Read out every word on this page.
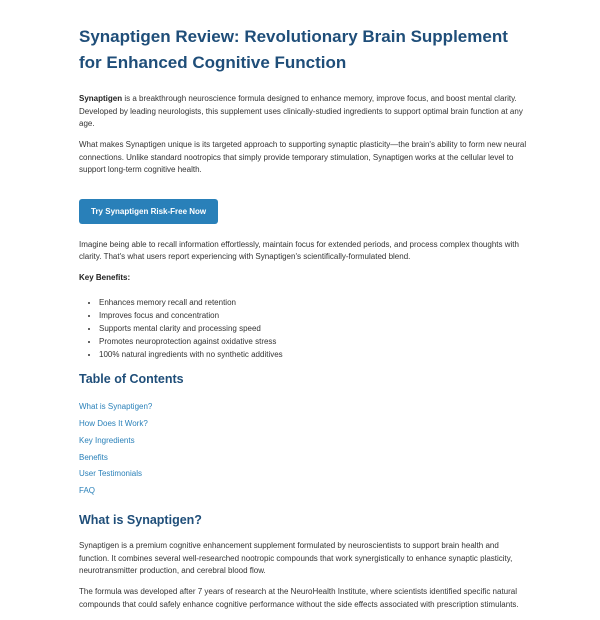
Synaptigen Review: Revolutionary Brain Supplement for Enhanced Cognitive Function

Synaptigen is a breakthrough neuroscience formula designed to enhance memory, improve focus, and boost mental clarity. Developed by leading neurologists, this supplement uses clinically-studied ingredients to support optimal brain function at any age.

What makes Synaptigen unique is its targeted approach to supporting synaptic plasticity—the brain's ability to form new neural connections. Unlike standard nootropics that simply provide temporary stimulation, Synaptigen works at the cellular level to support long-term cognitive health.

Try Synaptigen Risk-Free Now

Imagine being able to recall information effortlessly, maintain focus for extended periods, and process complex thoughts with clarity. That's what users report experiencing with Synaptigen's scientifically-formulated blend.

Key Benefits:
• Enhances memory recall and retention
• Improves focus and concentration
• Supports mental clarity and processing speed
• Promotes neuroprotection against oxidative stress
• 100% natural ingredients with no synthetic additives
Table of Contents
What is Synaptigen?
How Does It Work?
Key Ingredients
Benefits
User Testimonials
FAQ
What is Synaptigen?

Synaptigen is a premium cognitive enhancement supplement formulated by neuroscientists to support brain health and function. It combines several well-researched nootropic compounds that work synergistically to enhance synaptic plasticity, neurotransmitter production, and cerebral blood flow.

The formula was developed after 7 years of research at the NeuroHealth Institute, where scientists identified specific natural compounds that could safely enhance cognitive performance without the side effects associated with prescription stimulants.
